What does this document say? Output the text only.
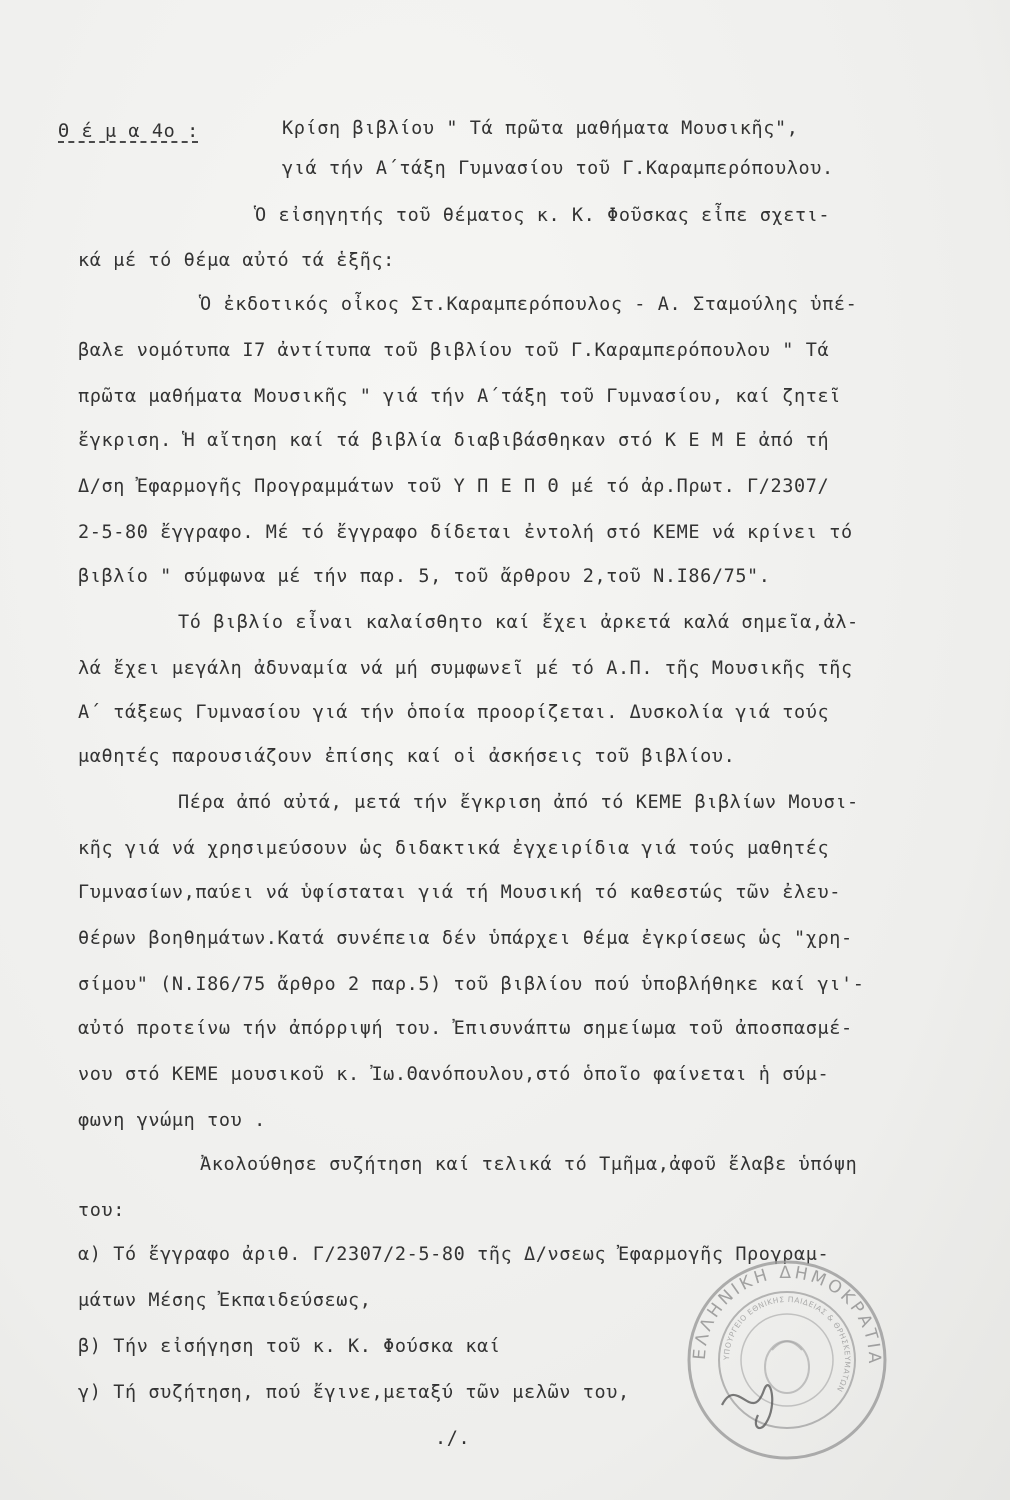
Θ έ μ α 4ο :	Κρίση βιβλίου " Τά πρῶτα μαθήματα Μουσικῆς",
γιά τήν Α΄τάξη Γυμνασίου τοῦ Γ.Καραμπερόπουλου.
Ὁ εἰσηγητής τοῦ θέματος κ. Κ. Φοῦσκας εἶπε σχετι-
κά μέ τό θέμα αὐτό τά ἑξῆς:
Ὁ ἐκδοτικός οἶκος Στ.Καραμπερόπουλος - Α. Σταμούλης ὑπέ-
βαλε νομότυπα Ι7 ἀντίτυπα τοῦ βιβλίου τοῦ Γ.Καραμπερόπουλου " Τά
πρῶτα μαθήματα Μουσικῆς " γιά τήν Α΄τάξη τοῦ Γυμνασίου, καί ζητεῖ
ἔγκριση. Ἡ αἴτηση καί τά βιβλία διαβιβάσθηκαν στό Κ Ε Μ Ε ἀπό τή
Δ/ση Ἐφαρμογῆς Προγραμμάτων τοῦ Υ Π Ε Π Θ μέ τό ἀρ.Πρωτ. Γ/2307/
2-5-80 ἔγγραφο. Μέ τό ἔγγραφο δίδεται ἐντολή στό ΚΕΜΕ νά κρίνει τό
βιβλίο " σύμφωνα μέ τήν παρ. 5, τοῦ ἄρθρου 2,τοῦ Ν.Ι86/75".
Τό βιβλίο εἶναι καλαίσθητο καί ἔχει ἀρκετά καλά σημεῖα,ἀλ-
λά ἔχει μεγάλη ἀδυναμία νά μή συμφωνεῖ μέ τό Α.Π. τῆς Μουσικῆς τῆς
Α΄ τάξεως Γυμνασίου γιά τήν ὁποία προορίζεται. Δυσκολία γιά τούς
μαθητές παρουσιάζουν ἐπίσης καί οἱ ἀσκήσεις τοῦ βιβλίου.
Πέρα ἀπό αὐτά, μετά τήν ἔγκριση ἀπό τό ΚΕΜΕ βιβλίων Μουσι-
κῆς γιά νά χρησιμεύσουν ὡς διδακτικά ἐγχειρίδια γιά τούς μαθητές
Γυμνασίων,παύει νά ὑφίσταται γιά τή Μουσική τό καθεστώς τῶν ἐλευ-
θέρων βοηθημάτων.Κατά συνέπεια δέν ὑπάρχει θέμα ἐγκρίσεως ὡς "χρη-
σίμου" (Ν.Ι86/75 ἄρθρο 2 παρ.5) τοῦ βιβλίου πού ὑποβλήθηκε καί γι'-
αὐτό προτείνω τήν ἀπόρριψή του. Ἐπισυνάπτω σημείωμα τοῦ ἀποσπασμέ-
νου στό ΚΕΜΕ μουσικοῦ κ. Ἰω.Θανόπουλου,στό ὁποῖο φαίνεται ἡ σύμ-
φωνη γνώμη του .
Ἀκολούθησε συζήτηση καί τελικά τό Τμῆμα,ἀφοῦ ἔλαβε ὑπόψη
του:
α) Τό ἔγγραφο ἀριθ. Γ/2307/2-5-80 τῆς Δ/νσεως Ἐφαρμογῆς Προγραμ-
μάτων Μέσης Ἐκπαιδεύσεως,
β) Τήν εἰσήγηση τοῦ κ. Κ. Φούσκα καί
γ) Τή συζήτηση, πού ἔγινε,μεταξύ τῶν μελῶν του,
./.
ΕΛΛΗΝΙΚΗ ΔΗΜΟΚΡΑΤΙΑ
ΥΠΟΥΡΓΕΙΟ ΕΘΝΙΚΗΣ ΠΑΙΔΕΙΑΣ & ΘΡΗΣΚΕΥΜΑΤΩΝ
